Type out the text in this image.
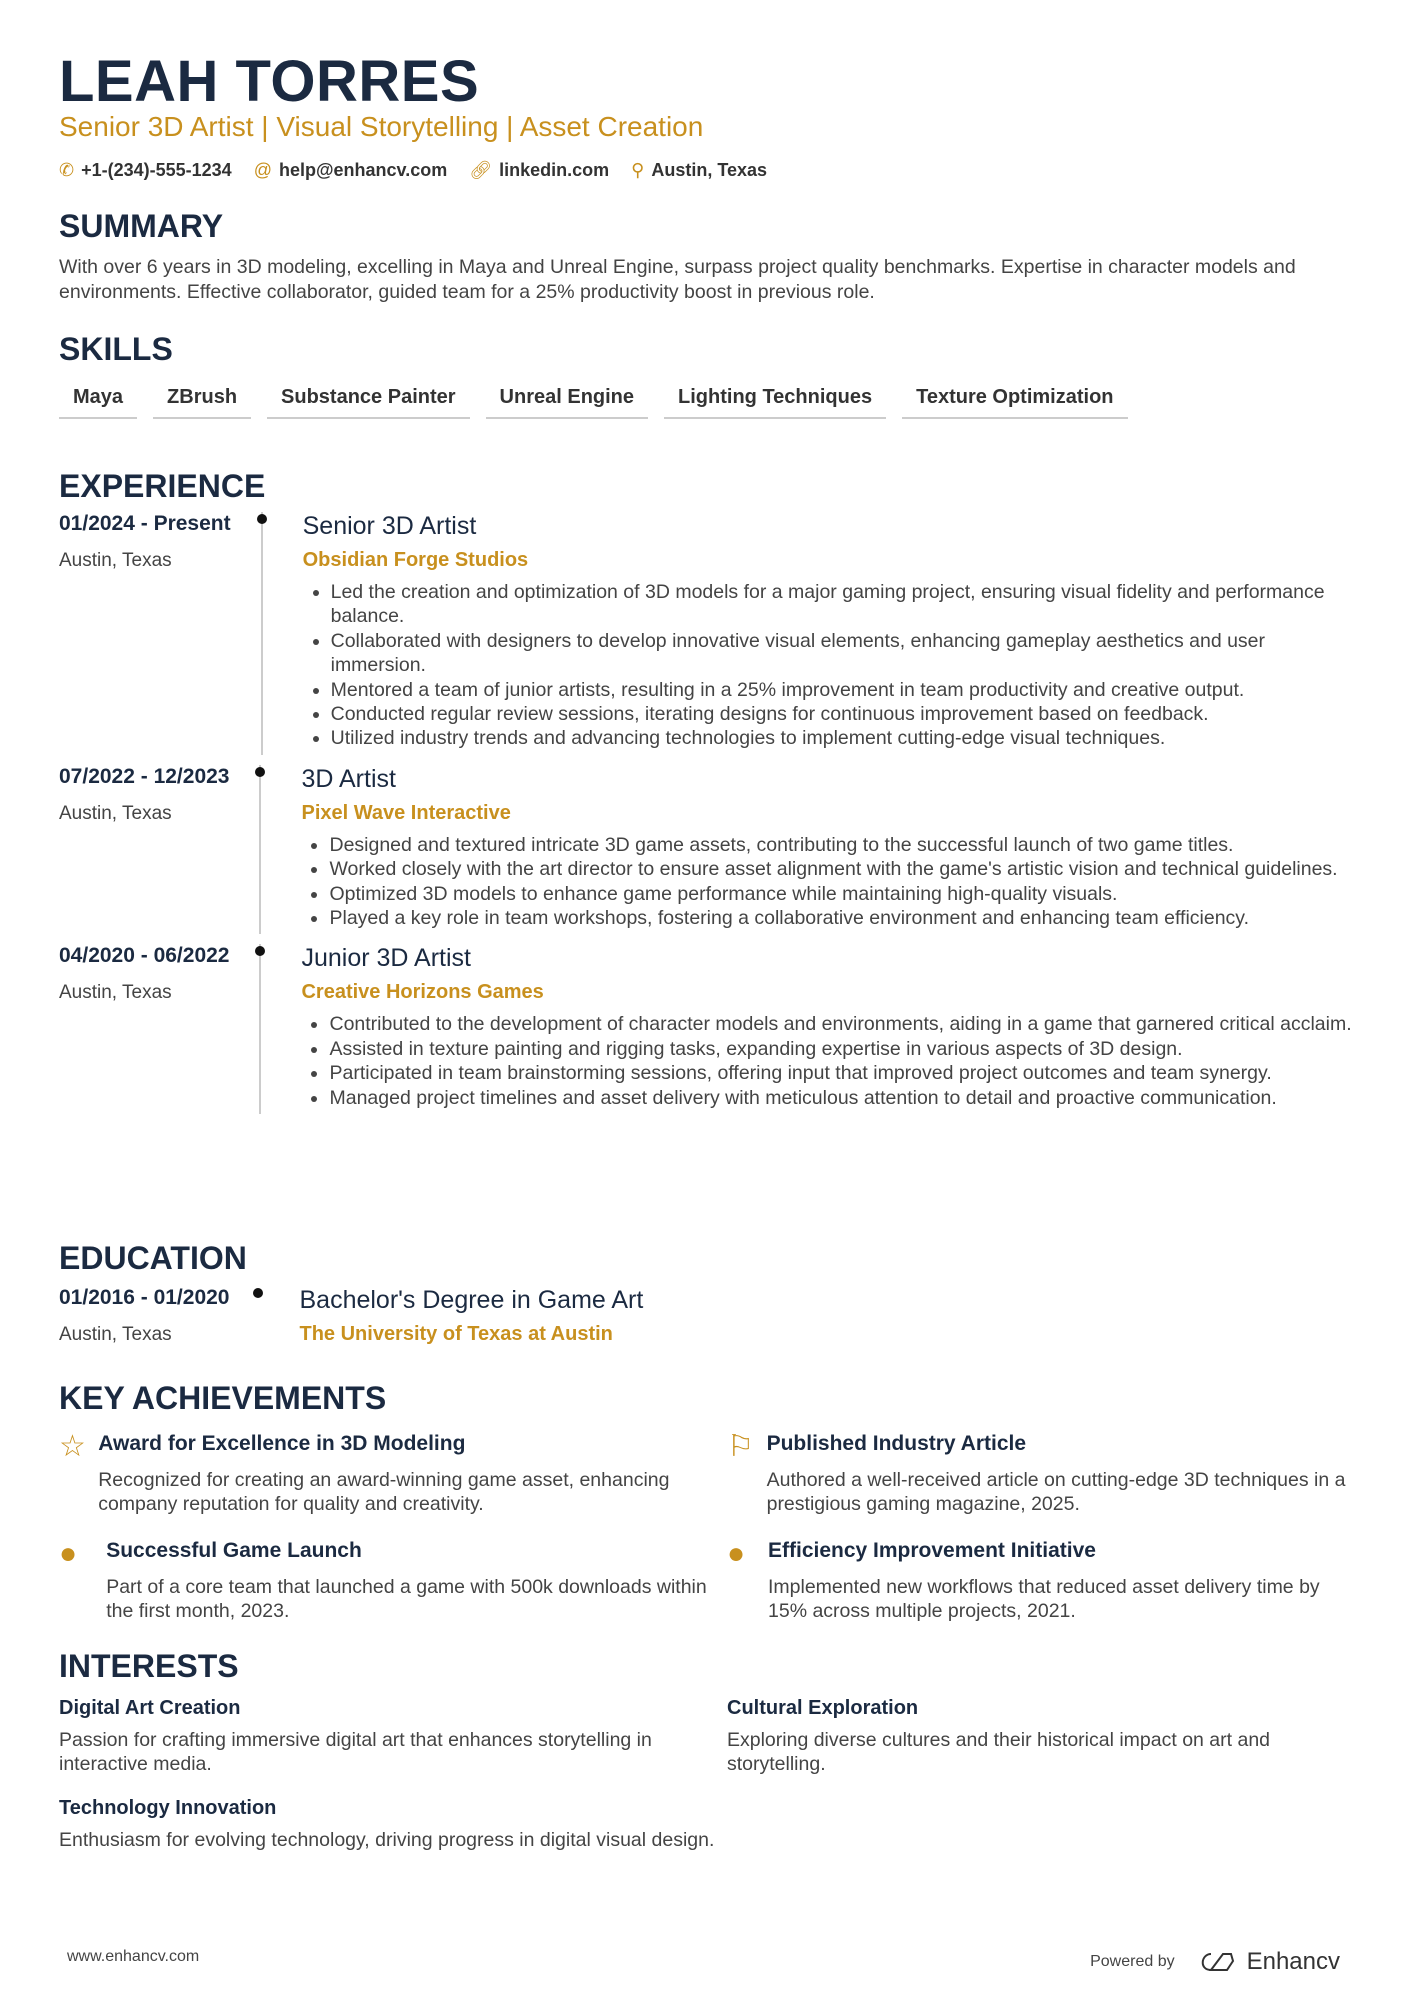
LEAH TORRES
Senior 3D Artist | Visual Storytelling | Asset Creation
✆ +1-(234)-555-1234 @ help@enhancv.com 🔗︎ linkedin.com ⚲ Austin, Texas
SUMMARY
With over 6 years in 3D modeling, excelling in Maya and Unreal Engine, surpass project quality benchmarks. Expertise in character models and environments. Effective collaborator, guided team for a 25% productivity boost in previous role.
SKILLS
Maya	ZBrush	Substance Painter	Unreal Engine	Lighting Techniques	Texture Optimization
EXPERIENCE
01/2024 - Present
Austin, Texas
Senior 3D Artist
Obsidian Forge Studios
• Led the creation and optimization of 3D models for a major gaming project, ensuring visual fidelity and performance balance.
• Collaborated with designers to develop innovative visual elements, enhancing gameplay aesthetics and user immersion.
• Mentored a team of junior artists, resulting in a 25% improvement in team productivity and creative output.
• Conducted regular review sessions, iterating designs for continuous improvement based on feedback.
• Utilized industry trends and advancing technologies to implement cutting-edge visual techniques.
07/2022 - 12/2023
Austin, Texas
3D Artist
Pixel Wave Interactive
• Designed and textured intricate 3D game assets, contributing to the successful launch of two game titles.
• Worked closely with the art director to ensure asset alignment with the game's artistic vision and technical guidelines.
• Optimized 3D models to enhance game performance while maintaining high-quality visuals.
• Played a key role in team workshops, fostering a collaborative environment and enhancing team efficiency.
04/2020 - 06/2022
Austin, Texas
Junior 3D Artist
Creative Horizons Games
• Contributed to the development of character models and environments, aiding in a game that garnered critical acclaim.
• Assisted in texture painting and rigging tasks, expanding expertise in various aspects of 3D design.
• Participated in team brainstorming sessions, offering input that improved project outcomes and team synergy.
• Managed project timelines and asset delivery with meticulous attention to detail and proactive communication.
EDUCATION
01/2016 - 01/2020
Austin, Texas
Bachelor's Degree in Game Art
The University of Texas at Austin
KEY ACHIEVEMENTS
☆ Award for Excellence in 3D Modeling
Recognized for creating an award-winning game asset, enhancing company reputation for quality and creativity.
⚐ Published Industry Article
Authored a well-received article on cutting-edge 3D techniques in a prestigious gaming magazine, 2025.
●	Successful Game Launch
Part of a core team that launched a game with 500k downloads within the first month, 2023.
●	Efficiency Improvement Initiative
Implemented new workflows that reduced asset delivery time by 15% across multiple projects, 2021.
INTERESTS
Digital Art Creation
Passion for crafting immersive digital art that enhances storytelling in interactive media.
Cultural Exploration
Exploring diverse cultures and their historical impact on art and storytelling.
Technology Innovation
Enthusiasm for evolving technology, driving progress in digital visual design.
www.enhancv.com	Powered by	Enhancv
